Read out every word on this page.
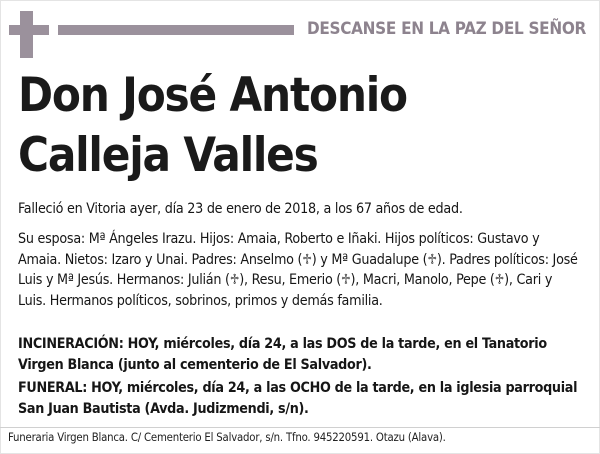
DESCANSE EN LA PAZ DEL SEÑOR
Don José Antonio
Calleja Valles
Falleció en Vitoria ayer, día 23 de enero de 2018, a los 67 años de edad.
Su esposa: Mª Ángeles Irazu. Hijos: Amaia, Roberto e Iñaki. Hijos políticos: Gustavo y Amaia. Nietos: Izaro y Unai. Padres: Anselmo (♱) y Mª Guadalupe (♱). Padres políticos: José Luis y Mª Jesús. Hermanos: Julián (♱), Resu, Emerio (♱), Macri, Manolo, Pepe (♱), Cari y Luis. Hermanos políticos, sobrinos, primos y demás familia.
INCINERACIÓN: HOY, miércoles, día 24, a las DOS de la tarde, en el Tanatorio Virgen Blanca (junto al cementerio de El Salvador).
FUNERAL: HOY, miércoles, día 24, a las OCHO de la tarde, en la iglesia parroquial San Juan Bautista (Avda. Judizmendi, s/n).
Funeraria Virgen Blanca. C/ Cementerio El Salvador, s/n. Tfno. 945220591. Otazu (Alava).
